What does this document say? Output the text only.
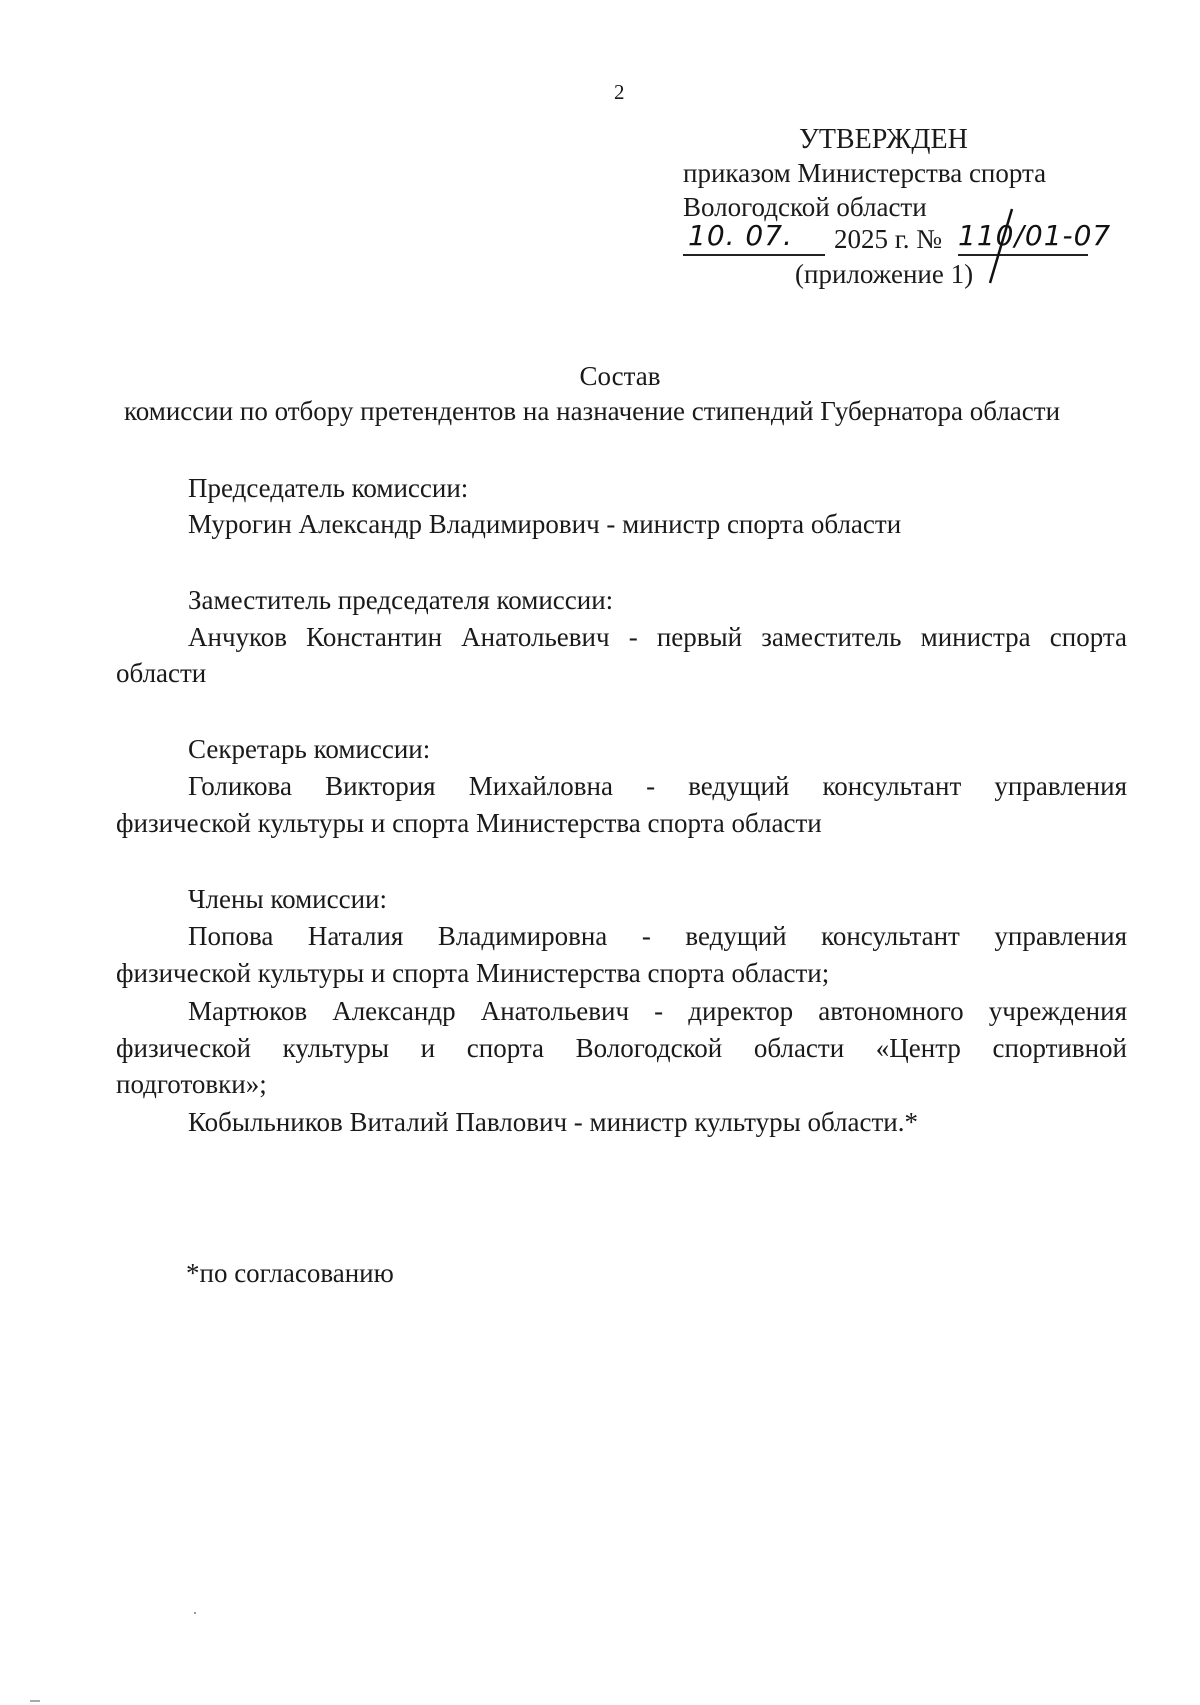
2
УТВЕРЖДЕН
приказом Министерства спорта
Вологодской области
10. 07. 2025 г. № 110/01-07
(приложение 1)
Состав
комиссии по отбору претендентов на назначение стипендий Губернатора области
Председатель комиссии:
Мурогин Александр Владимирович - министр спорта области
Заместитель председателя комиссии:
Анчуков Константин Анатольевич - первый заместитель министра спорта
области
Секретарь комиссии:
Голикова Виктория Михайловна - ведущий консультант управления
физической культуры и спорта Министерства спорта области
Члены комиссии:
Попова Наталия Владимировна - ведущий консультант управления
физической культуры и спорта Министерства спорта области;
Мартюков Александр Анатольевич - директор автономного учреждения
физической культуры и спорта Вологодской области «Центр спортивной
подготовки»;
Кобыльников Виталий Павлович - министр культуры области.*
*по согласованию
